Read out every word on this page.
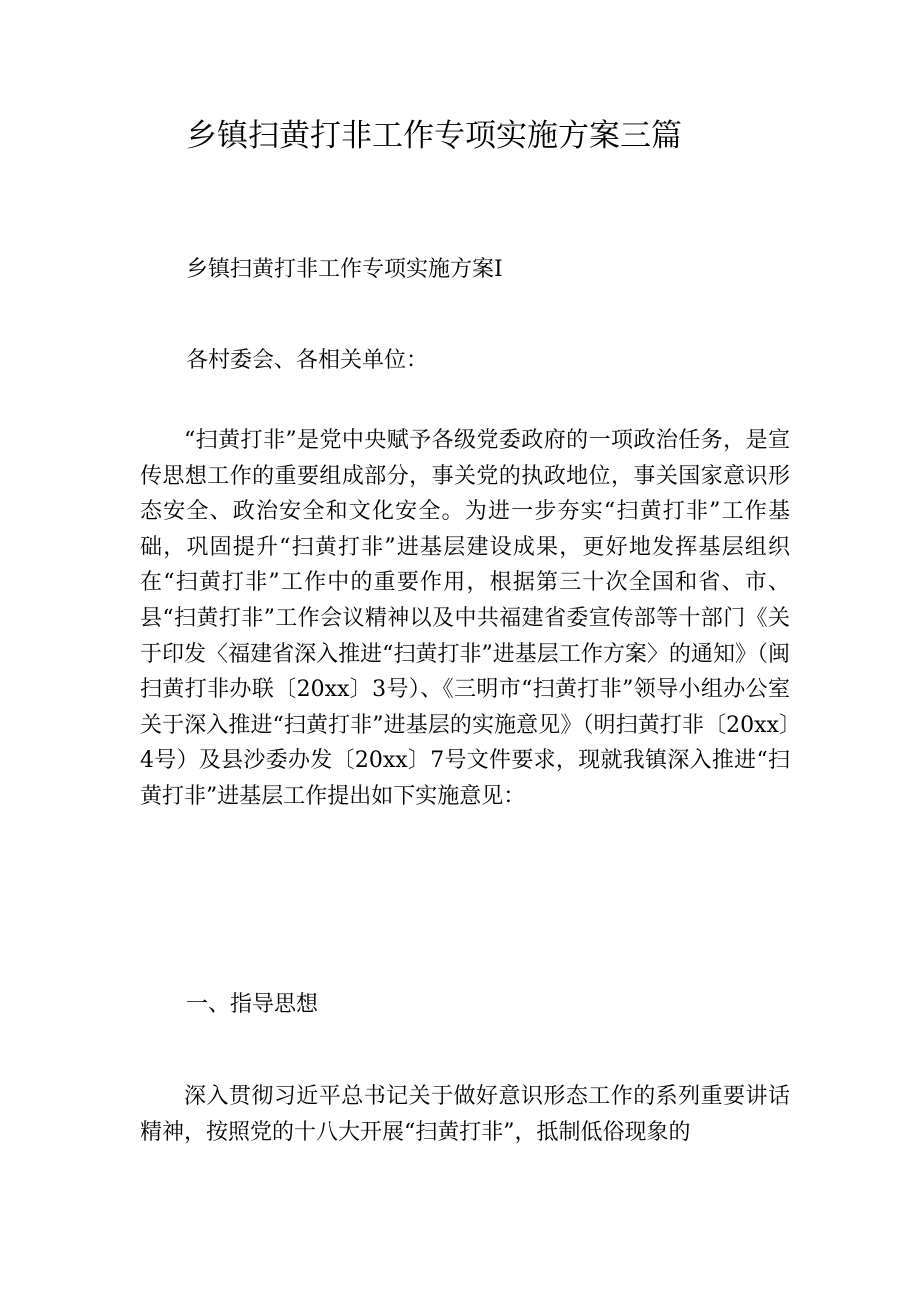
乡镇扫黄打非工作专项实施方案三篇
乡镇扫黄打非工作专项实施方案Ⅰ
各村委会、各相关单位：

“扫黄打非”是党中央赋予各级党委政府的一项政治任务，是宣传思想工作的重要组成部分，事关党的执政地位，事关国家意识形态安全、政治安全和文化安全。为进一步夯实“扫黄打非”工作基础，巩固提升“扫黄打非”进基层建设成果，更好地发挥基层组织在“扫黄打非”工作中的重要作用，根据第三十次全国和省、市、县“扫黄打非”工作会议精神以及中共福建省委宣传部等十部门《关于印发〈福建省深入推进“扫黄打非”进基层工作方案〉的通知》（闽扫黄打非办联〔20xx〕3号）、《三明市“扫黄打非”领导小组办公室关于深入推进“扫黄打非”进基层的实施意见》（明扫黄打非〔20xx〕4号）及县沙委办发〔20xx〕7号文件要求，现就我镇深入推进“扫黄打非”进基层工作提出如下实施意见：

一、指导思想

深入贯彻习近平总书记关于做好意识形态工作的系列重要讲话精神，按照党的十八大开展“扫黄打非”，抵制低俗现象的
